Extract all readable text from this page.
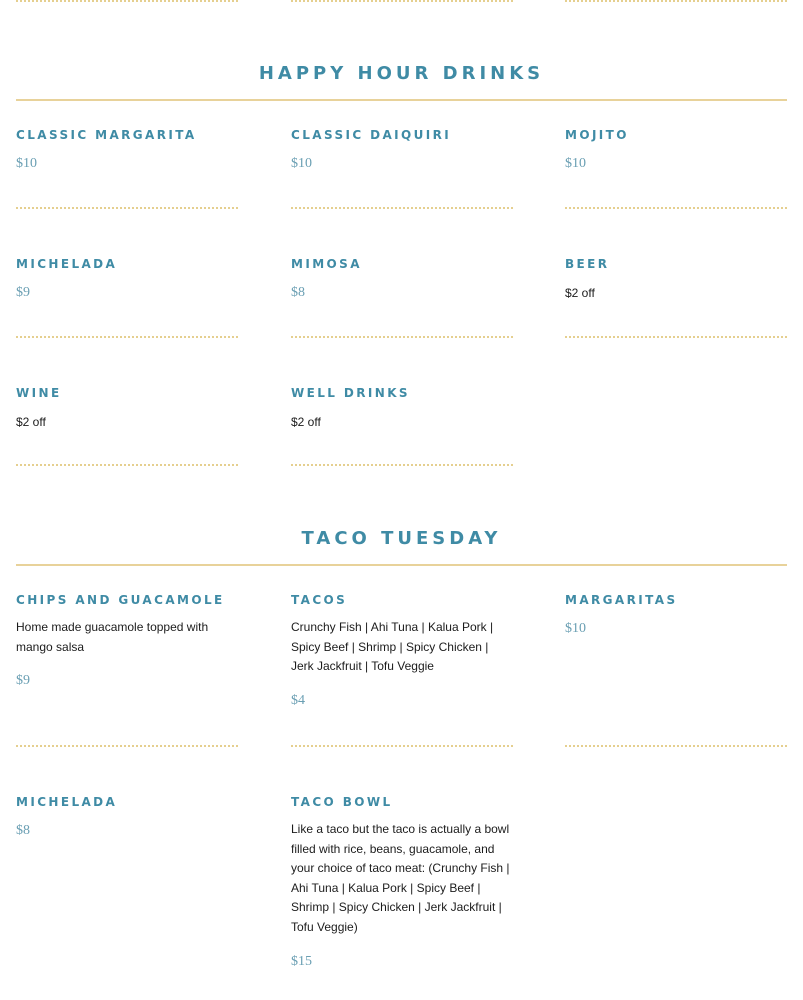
HAPPY HOUR DRINKS
CLASSIC MARGARITA
$10
CLASSIC DAIQUIRI
$10
MOJITO
$10
MICHELADA
$9
MIMOSA
$8
BEER
$2 off
WINE
$2 off
WELL DRINKS
$2 off
TACO TUESDAY
CHIPS AND GUACAMOLE
Home made guacamole topped with mango salsa
$9
TACOS
Crunchy Fish | Ahi Tuna | Kalua Pork | Spicy Beef | Shrimp | Spicy Chicken | Jerk Jackfruit | Tofu Veggie
$4
MARGARITAS
$10
MICHELADA
$8
TACO BOWL
Like a taco but the taco is actually a bowl filled with rice, beans, guacamole, and your choice of taco meat: (Crunchy Fish | Ahi Tuna | Kalua Pork | Spicy Beef | Shrimp | Spicy Chicken | Jerk Jackfruit | Tofu Veggie)
$15
